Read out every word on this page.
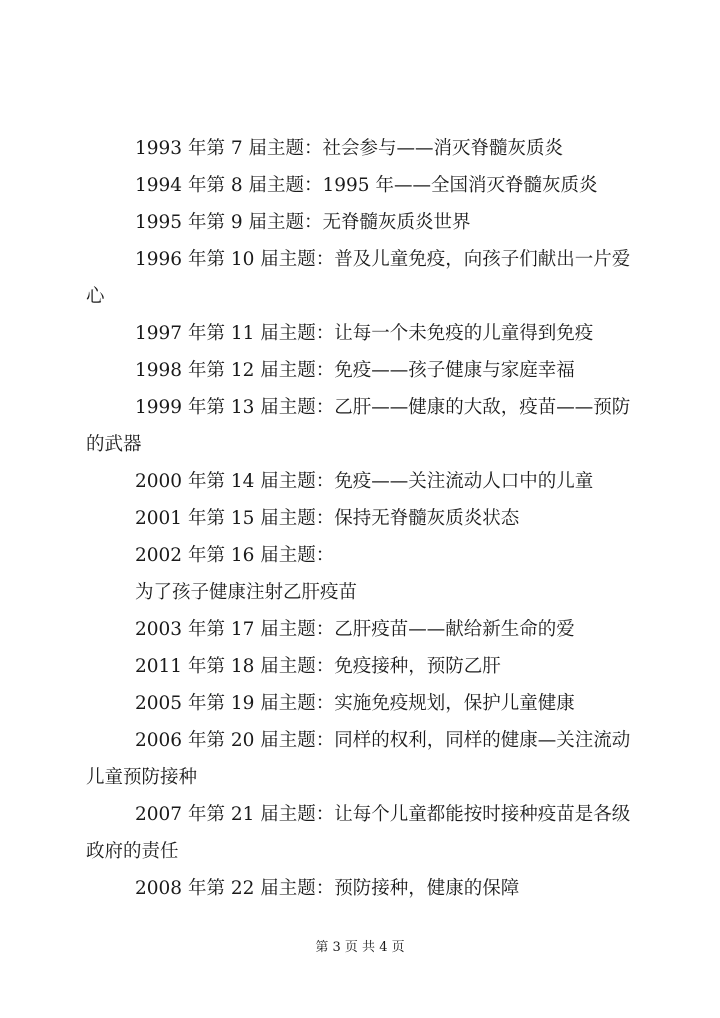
1993 年第 7 届主题：社会参与——消灭脊髓灰质炎
1994 年第 8 届主题：1995 年——全国消灭脊髓灰质炎
1995 年第 9 届主题：无脊髓灰质炎世界
1996 年第 10 届主题：普及儿童免疫，向孩子们献出一片爱
心
1997 年第 11 届主题：让每一个未免疫的儿童得到免疫
1998 年第 12 届主题：免疫——孩子健康与家庭幸福
1999 年第 13 届主题：乙肝——健康的大敌，疫苗——预防
的武器
2000 年第 14 届主题：免疫——关注流动人口中的儿童
2001 年第 15 届主题：保持无脊髓灰质炎状态
2002 年第 16 届主题：
为了孩子健康注射乙肝疫苗
2003 年第 17 届主题：乙肝疫苗——献给新生命的爱
2011 年第 18 届主题：免疫接种，预防乙肝
2005 年第 19 届主题：实施免疫规划，保护儿童健康
2006 年第 20 届主题：同样的权利，同样的健康—关注流动
儿童预防接种
2007 年第 21 届主题：让每个儿童都能按时接种疫苗是各级
政府的责任
2008 年第 22 届主题：预防接种，健康的保障
第 3 页 共 4 页
